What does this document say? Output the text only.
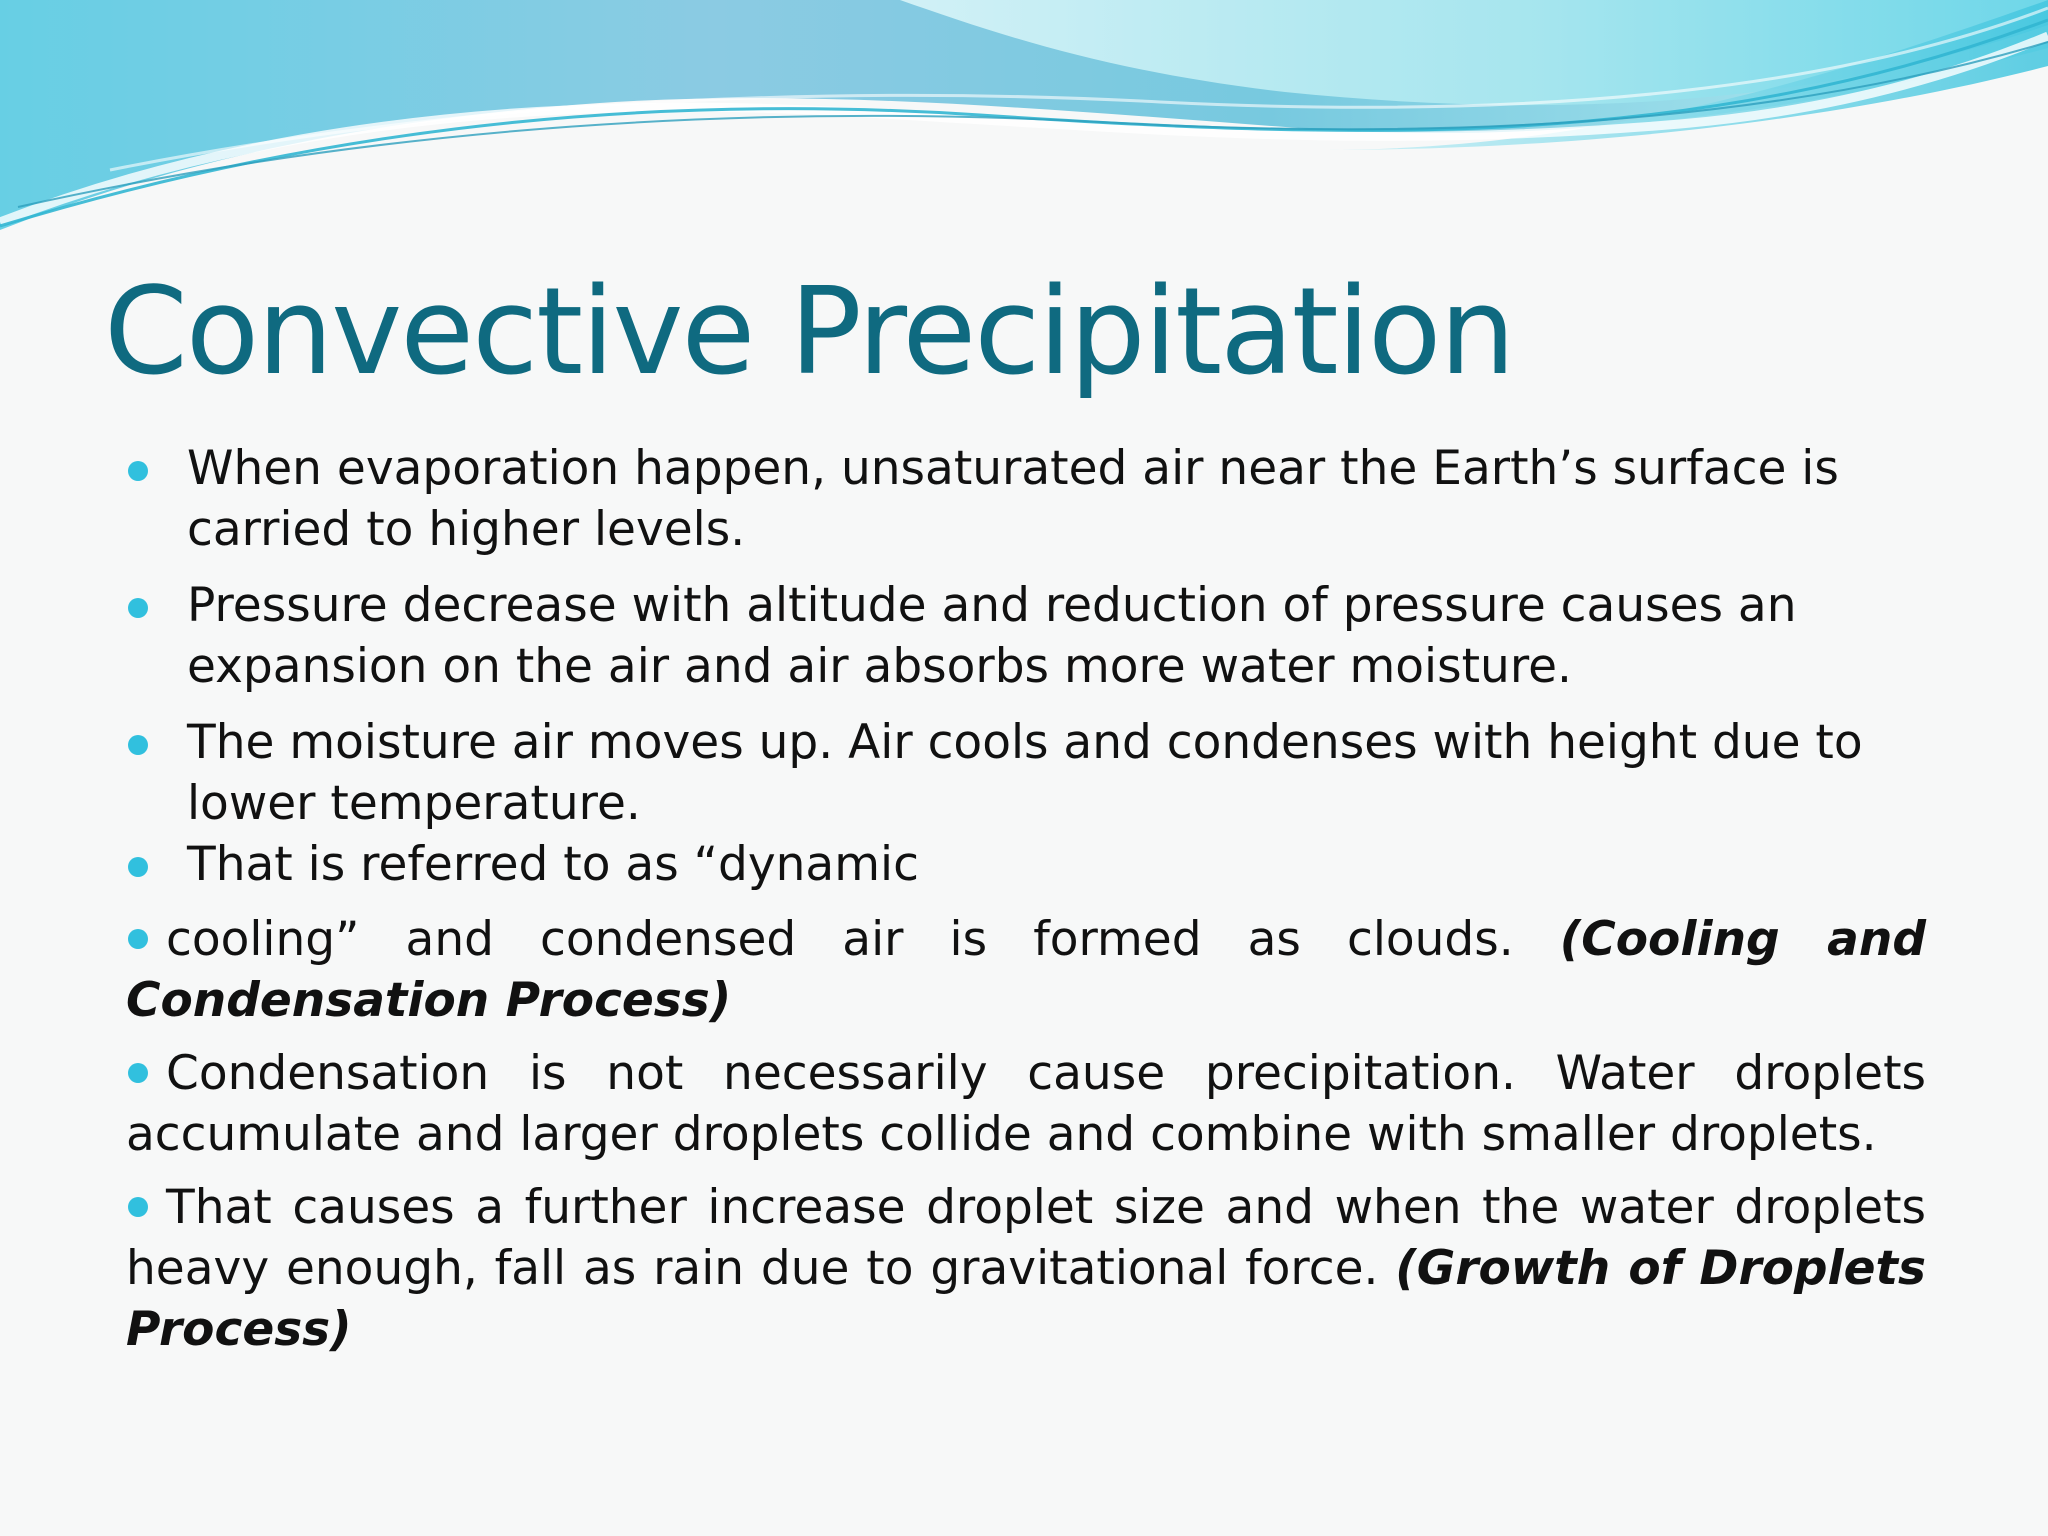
Convective Precipitation
When evaporation happen, unsaturated air near the Earth’s surface is carried to higher levels.
Pressure decrease with altitude and reduction of pressure causes an expansion on the air and air absorbs more water moisture.
The moisture air moves up. Air cools and condenses with height due to lower temperature.
That is referred to as “dynamic
cooling” and condensed air is formed as clouds. (Cooling and Condensation Process)
Condensation is not necessarily cause precipitation. Water droplets accumulate and larger droplets collide and combine with smaller droplets.
That causes a further increase droplet size and when the water droplets heavy enough, fall as rain due to gravitational force. (Growth of Droplets Process)
